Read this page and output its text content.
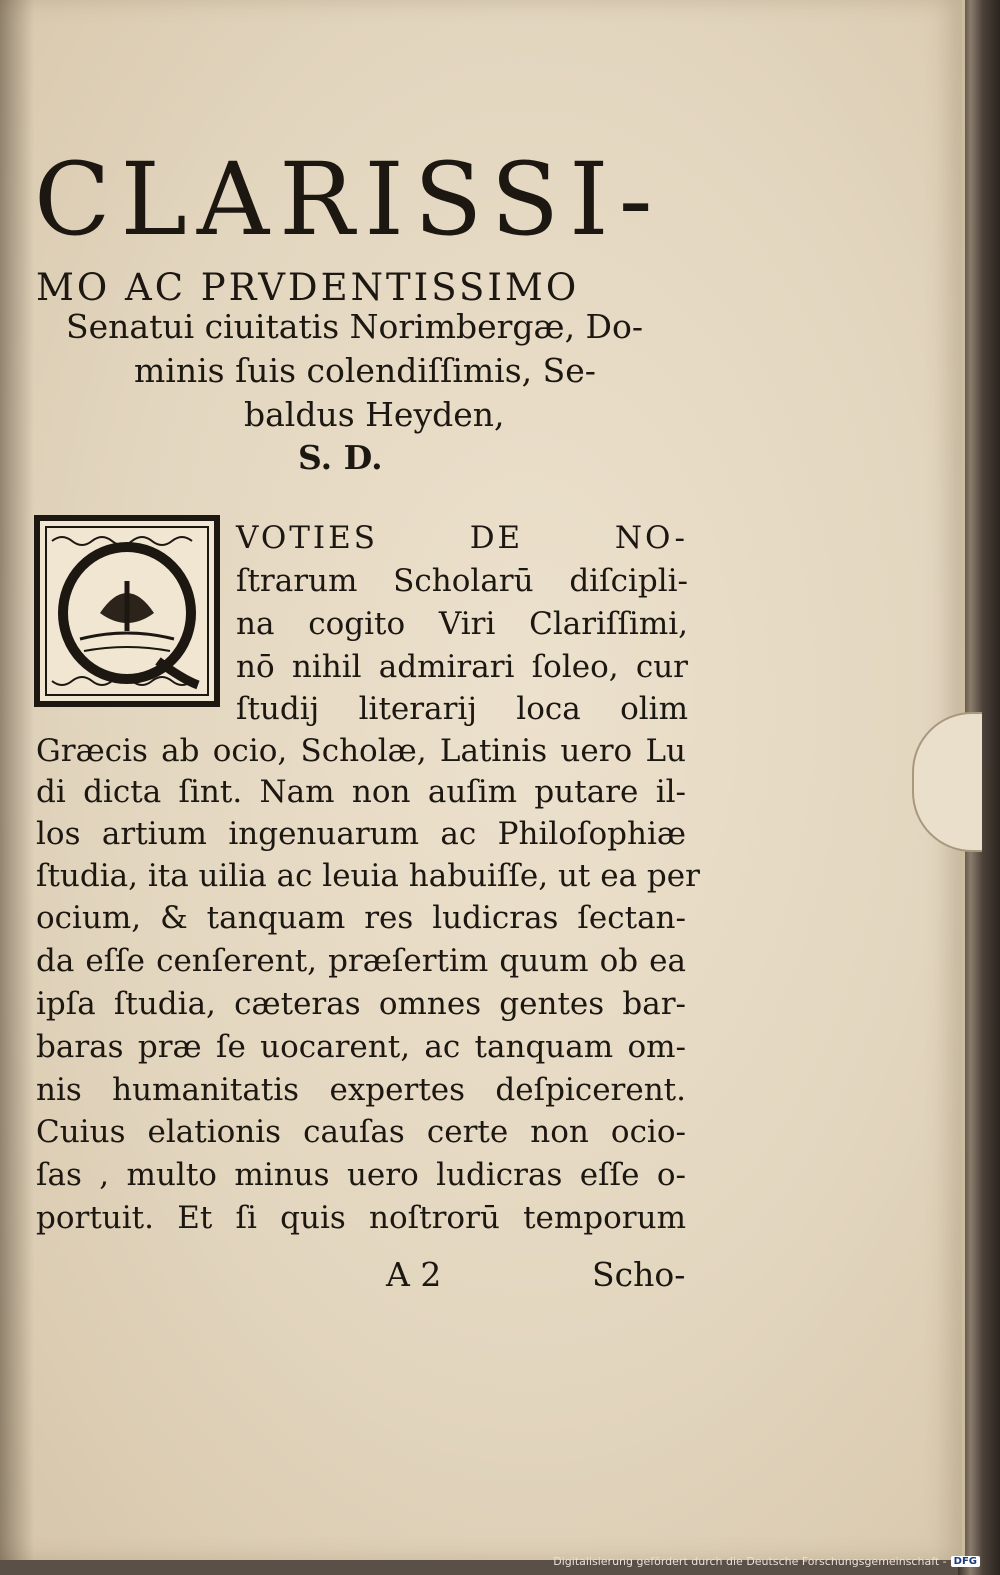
CLARISSI-
MO AC PRVDENTISSIMO
Senatui ciuitatis Norimbergæ, Do-
minis ſuis colendiſſimis, Se-
baldus Heyden,
S. D.
VOTIES DE NO-
ſtrarum Scholarū diſcipli-
na cogito Viri Clariſſimi,
nō nihil admirari ſoleo, cur
ſtudij literarij loca olim
Græcis ab ocio, Scholæ, Latinis uero Lu
di dicta ſint. Nam non auſim putare il-
los artium ingenuarum ac Philoſophiæ
ſtudia, ita uilia ac leuia habuiſſe, ut ea per
ocium, & tanquam res ludicras ſectan-
da eſſe cenſerent, præſertim quum ob ea
ipſa ſtudia, cæteras omnes gentes bar-
baras præ ſe uocarent, ac tanquam om-
nis humanitatis expertes deſpicerent.
Cuius elationis cauſas certe non ocio-
ſas , multo minus uero ludicras eſſe o-
portuit. Et ſi quis noſtrorū temporum
A 2	Scho-
Digitalisierung gefördert durch die Deutsche Forschungsgemeinschaft - DFG
